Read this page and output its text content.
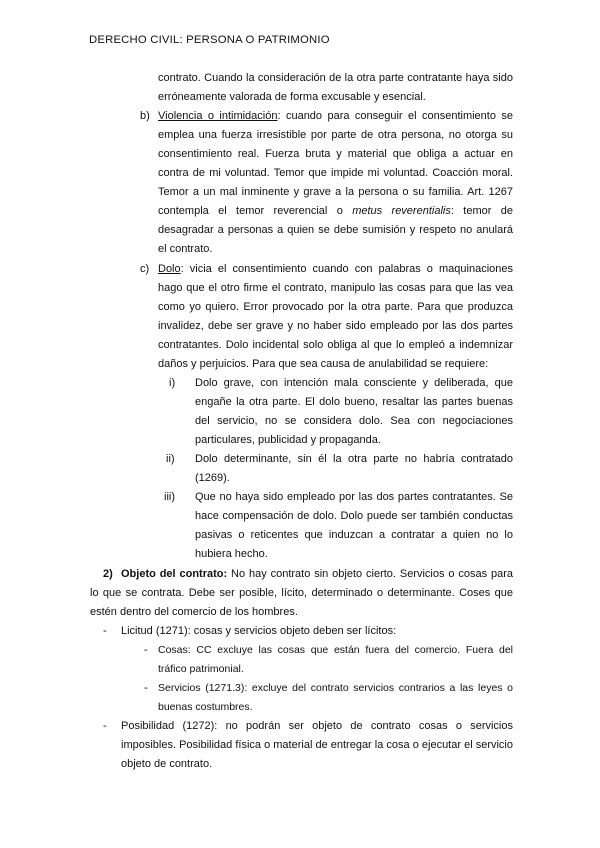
DERECHO CIVIL: PERSONA O PATRIMONIO
contrato. Cuando la consideración de la otra parte contratante haya sido erróneamente valorada de forma excusable y esencial.
b) Violencia o intimidación: cuando para conseguir el consentimiento se emplea una fuerza irresistible por parte de otra persona, no otorga su consentimiento real. Fuerza bruta y material que obliga a actuar en contra de mi voluntad. Temor que impide mi voluntad. Coacción moral. Temor a un mal inminente y grave a la persona o su familia. Art. 1267 contempla el temor reverencial o metus reverentialis: temor de desagradar a personas a quien se debe sumisión y respeto no anulará el contrato.
c) Dolo: vicia el consentimiento cuando con palabras o maquinaciones hago que el otro firme el contrato, manipulo las cosas para que las vea como yo quiero. Error provocado por la otra parte. Para que produzca invalidez, debe ser grave y no haber sido empleado por las dos partes contratantes. Dolo incidental solo obliga al que lo empleó a indemnizar daños y perjuicios. Para que sea causa de anulabilidad se requiere:
i) Dolo grave, con intención mala consciente y deliberada, que engañe la otra parte. El dolo bueno, resaltar las partes buenas del servicio, no se considera dolo. Sea con negociaciones particulares, publicidad y propaganda.
ii) Dolo determinante, sin él la otra parte no habría contratado (1269).
iii) Que no haya sido empleado por las dos partes contratantes. Se hace compensación de dolo. Dolo puede ser también conductas pasivas o reticentes que induzcan a contratar a quien no lo hubiera hecho.
2) Objeto del contrato: No hay contrato sin objeto cierto. Servicios o cosas para lo que se contrata. Debe ser posible, lícito, determinado o determinante. Coses que estén dentro del comercio de los hombres.
- Licitud (1271): cosas y servicios objeto deben ser lícitos:
- Cosas: CC excluye las cosas que están fuera del comercio. Fuera del tráfico patrimonial.
- Servicios (1271.3): excluye del contrato servicios contrarios a las leyes o buenas costumbres.
- Posibilidad (1272): no podrán ser objeto de contrato cosas o servicios imposibles. Posibilidad física o material de entregar la cosa o ejecutar el servicio objeto de contrato.
